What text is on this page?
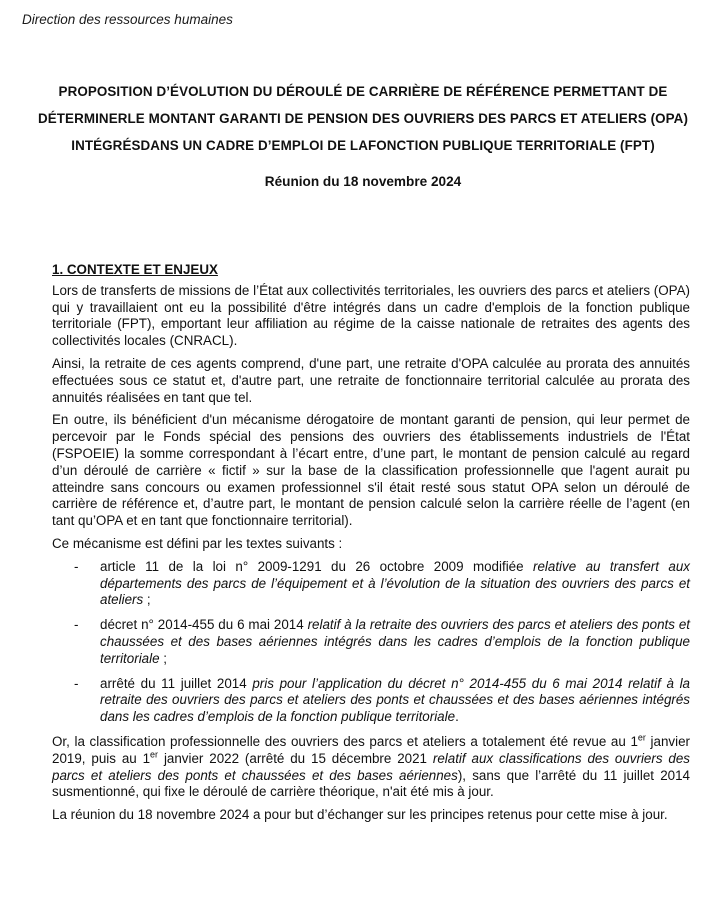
Direction des ressources humaines
PROPOSITION D’ÉVOLUTION DU DÉROULÉ DE CARRIÈRE DE RÉFÉRENCE PERMETTANT DE
DÉTERMINERLE MONTANT GARANTI DE PENSION DES OUVRIERS DES PARCS ET ATELIERS (OPA)
INTÉGRÉSDANS UN CADRE D’EMPLOI DE LAFONCTION PUBLIQUE TERRITORIALE (FPT)
Réunion du 18 novembre 2024
1. CONTEXTE ET ENJEUX

Lors de transferts de missions de l’État aux collectivités territoriales, les ouvriers des parcs et ateliers (OPA) qui y travaillaient ont eu la possibilité d'être intégrés dans un cadre d'emplois de la fonction publique territoriale (FPT), emportant leur affiliation au régime de la caisse nationale de retraites des agents des collectivités locales (CNRACL).

Ainsi, la retraite de ces agents comprend, d'une part, une retraite d'OPA calculée au prorata des annuités effectuées sous ce statut et, d'autre part, une retraite de fonctionnaire territorial calculée au prorata des annuités réalisées en tant que tel.

En outre, ils bénéficient d'un mécanisme dérogatoire de montant garanti de pension, qui leur permet de percevoir par le Fonds spécial des pensions des ouvriers des établissements industriels de l'État (FSPOEIE) la somme correspondant à l’écart entre, d’une part, le montant de pension calculé au regard d’un déroulé de carrière « fictif » sur la base de la classification professionnelle que l'agent aurait pu atteindre sans concours ou examen professionnel s'il était resté sous statut OPA selon un déroulé de carrière de référence et, d’autre part, le montant de pension calculé selon la carrière réelle de l’agent (en tant qu’OPA et en tant que fonctionnaire territorial).

Ce mécanisme est défini par les textes suivants :

- article 11 de la loi n° 2009-1291 du 26 octobre 2009 modifiée relative au transfert aux départements des parcs de l’équipement et à l’évolution de la situation des ouvriers des parcs et ateliers ;
- décret n° 2014-455 du 6 mai 2014 relatif à la retraite des ouvriers des parcs et ateliers des ponts et chaussées et des bases aériennes intégrés dans les cadres d’emplois de la fonction publique territoriale ;
- arrêté du 11 juillet 2014 pris pour l’application du décret n° 2014-455 du 6 mai 2014 relatif à la retraite des ouvriers des parcs et ateliers des ponts et chaussées et des bases aériennes intégrés dans les cadres d’emplois de la fonction publique territoriale.

Or, la classification professionnelle des ouvriers des parcs et ateliers a totalement été revue au 1er janvier 2019, puis au 1er janvier 2022 (arrêté du 15 décembre 2021 relatif aux classifications des ouvriers des parcs et ateliers des ponts et chaussées et des bases aériennes), sans que l’arrêté du 11 juillet 2014 susmentionné, qui fixe le déroulé de carrière théorique, n'ait été mis à jour.

La réunion du 18 novembre 2024 a pour but d’échanger sur les principes retenus pour cette mise à jour.
